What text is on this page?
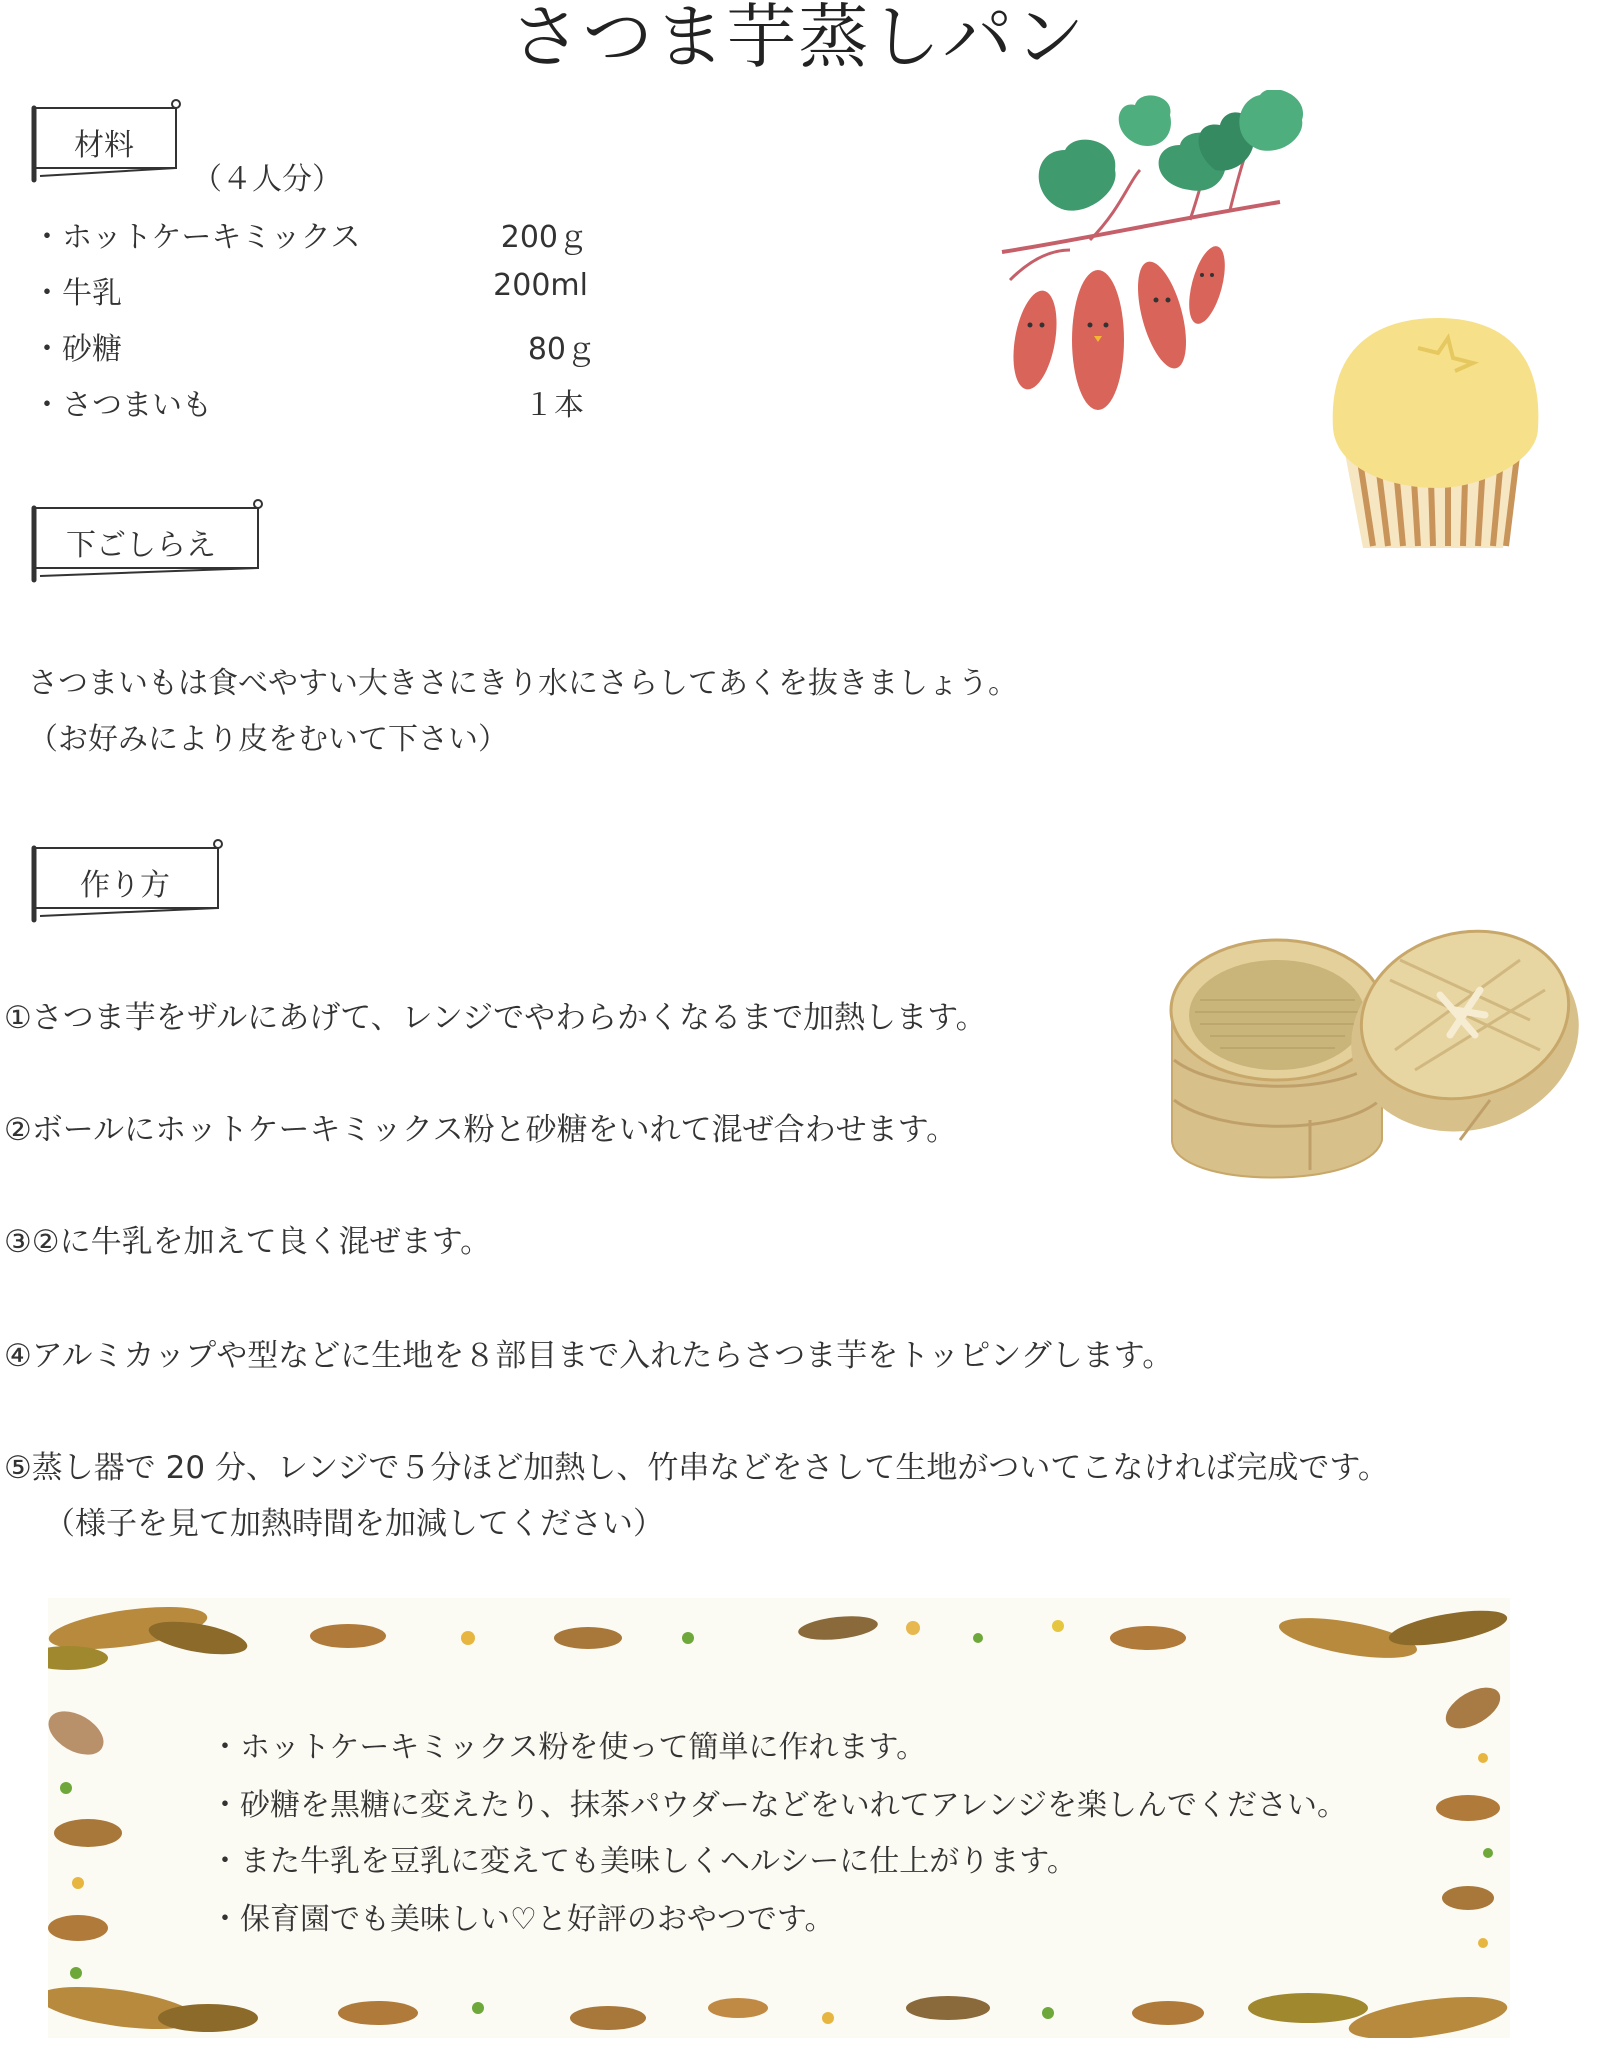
さつま芋蒸しパン
材料
（４人分）
・ホットケーキミックス	200ｇ
・牛乳	200ml
・砂糖	80ｇ
・さつまいも	１本
下ごしらえ
さつまいもは食べやすい大きさにきり水にさらしてあくを抜きましょう。
（お好みにより皮をむいて下さい）
作り方
①さつま芋をザルにあげて、レンジでやわらかくなるまで加熱します。
②ボールにホットケーキミックス粉と砂糖をいれて混ぜ合わせます。
③②に牛乳を加えて良く混ぜます。
④アルミカップや型などに生地を８部目まで入れたらさつま芋をトッピングします。
⑤蒸し器で 20 分、レンジで５分ほど加熱し、竹串などをさして生地がついてこなければ完成です。
（様子を見て加熱時間を加減してください）
・ホットケーキミックス粉を使って簡単に作れます。
・砂糖を黒糖に変えたり、抹茶パウダーなどをいれてアレンジを楽しんでください。
・また牛乳を豆乳に変えても美味しくヘルシーに仕上がります。
・保育園でも美味しい♡と好評のおやつです。
